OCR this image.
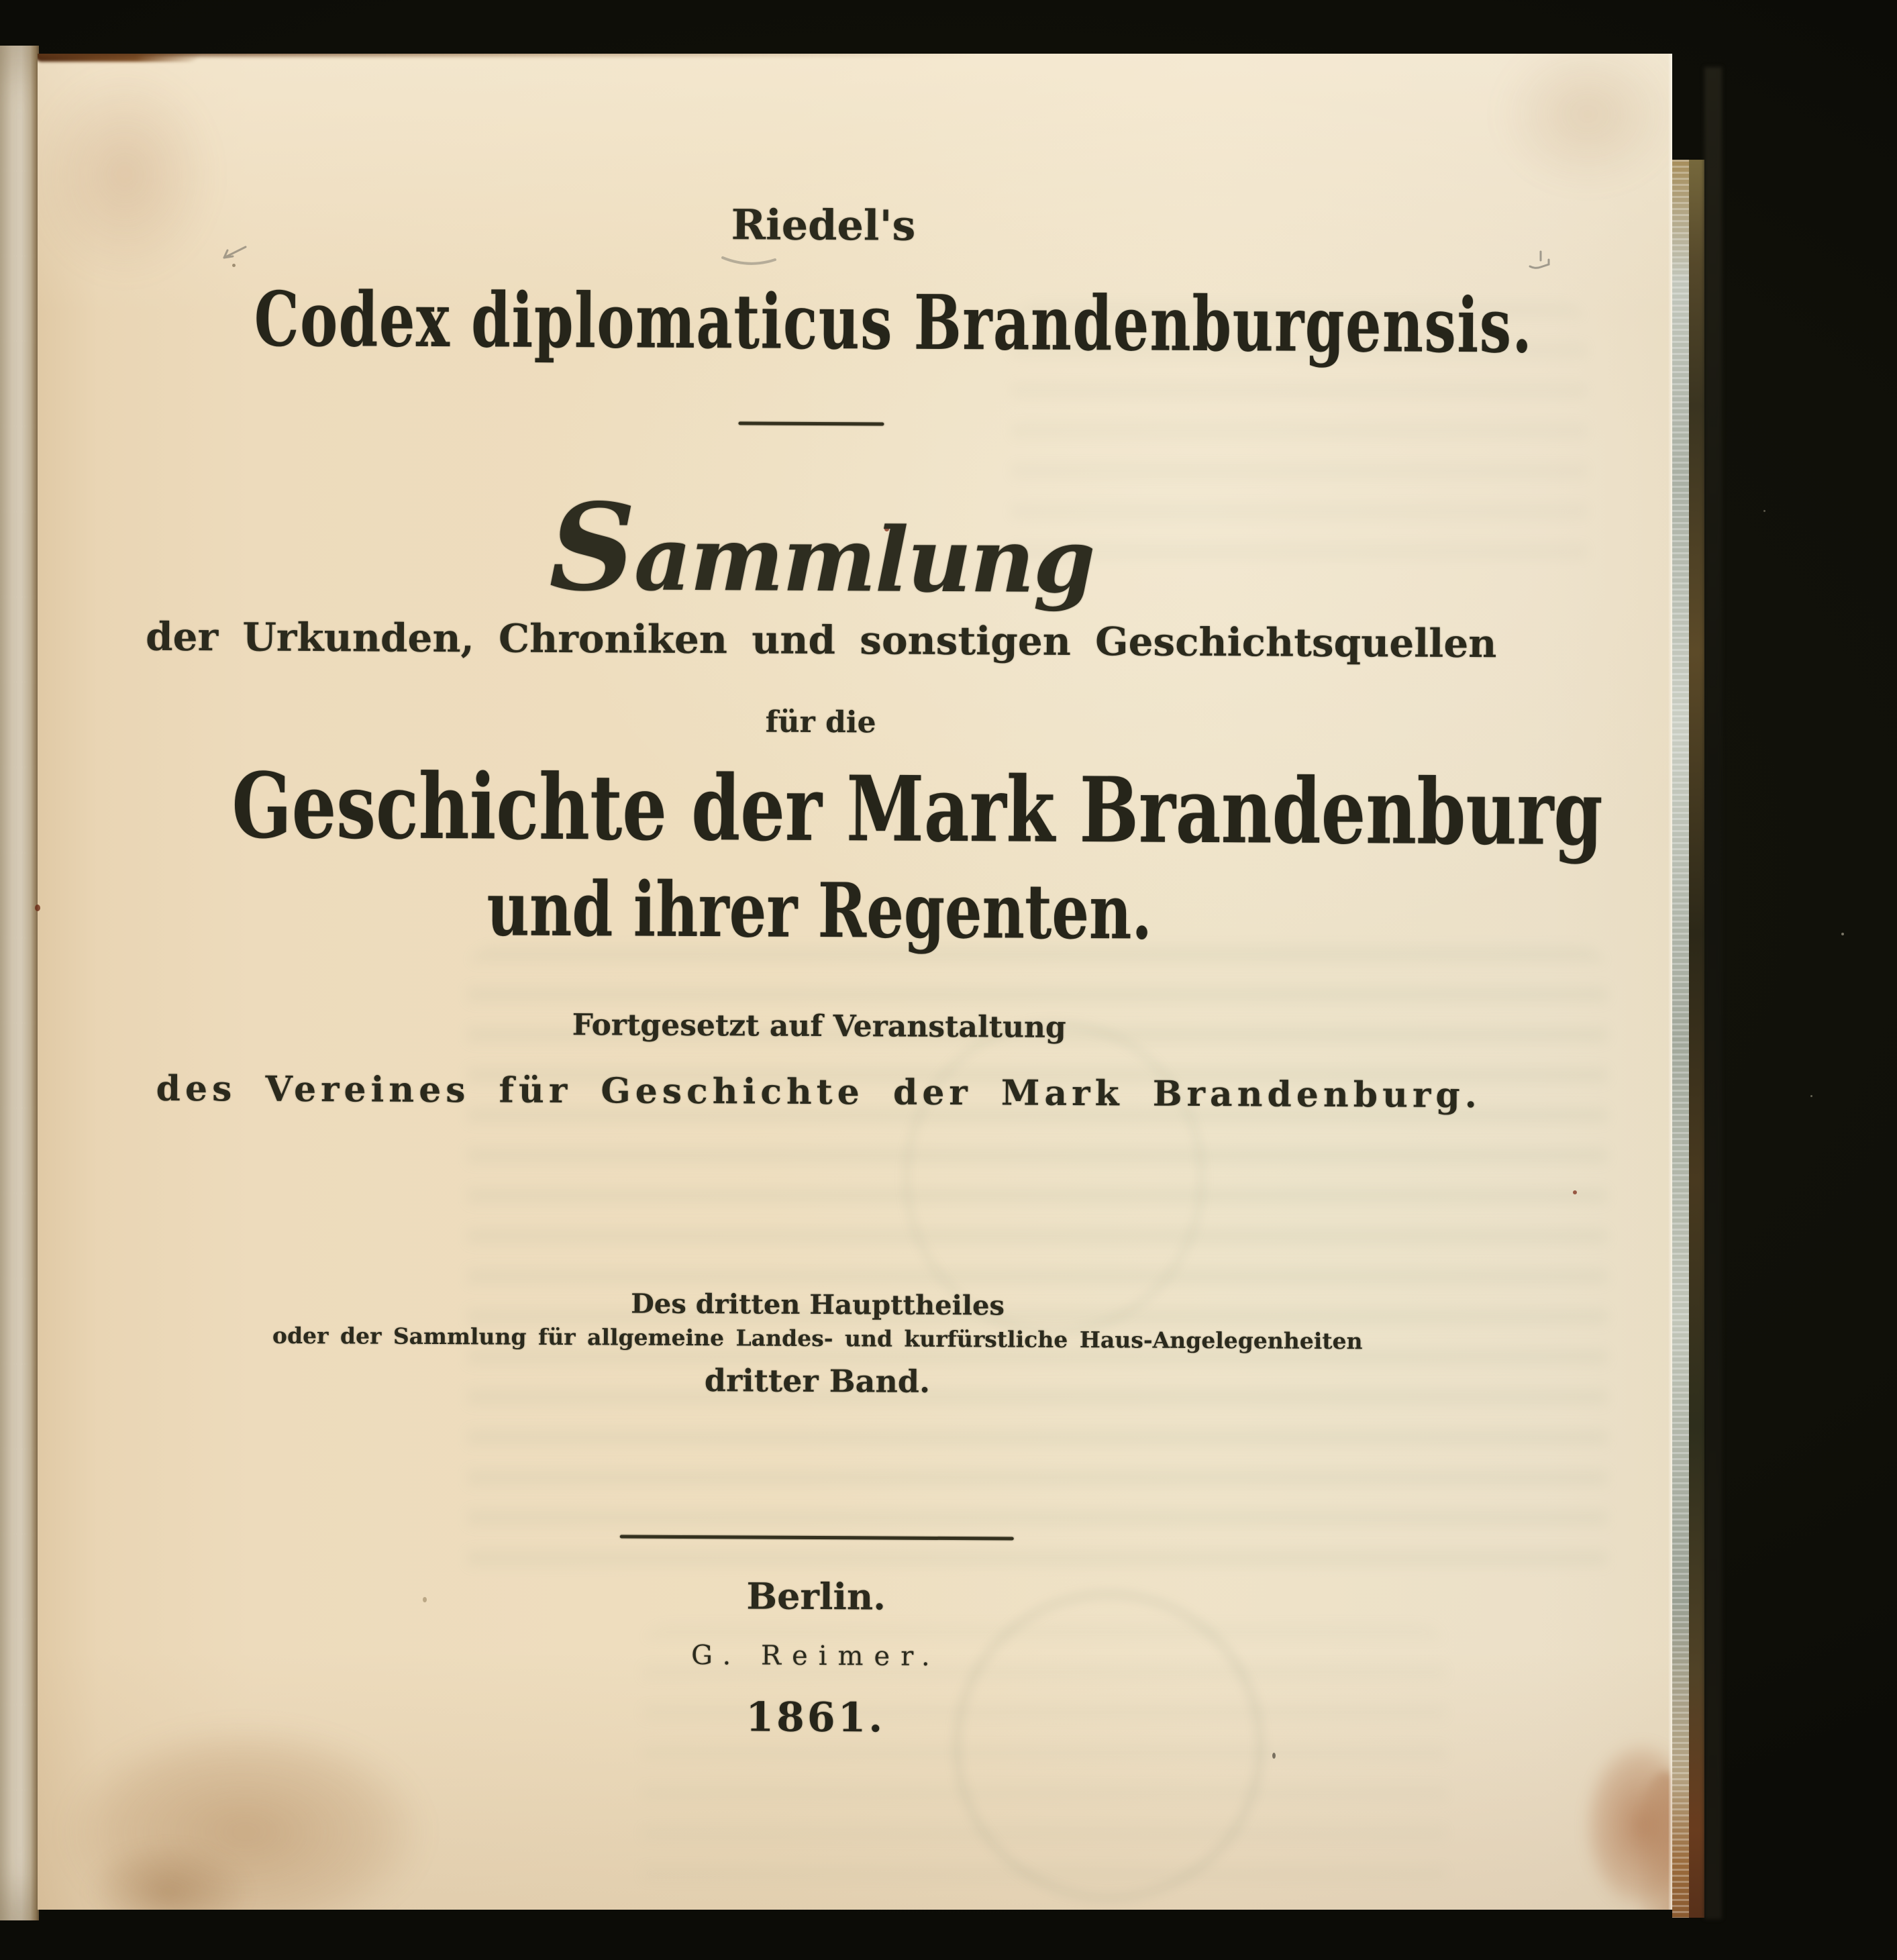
Riedel's
Codex diplomaticus Brandenburgensis.
Sammlung
der Urkunden, Chroniken und sonstigen Geschichtsquellen
für die
Geschichte der Mark Brandenburg
und ihrer Regenten.
Fortgesetzt auf Veranstaltung
des Vereines für Geschichte der Mark Brandenburg.
Des dritten Haupttheiles
oder der Sammlung für allgemeine Landes- und kurfürstliche Haus-Angelegenheiten
dritter Band.
Berlin.
G. Reimer.
1861.
